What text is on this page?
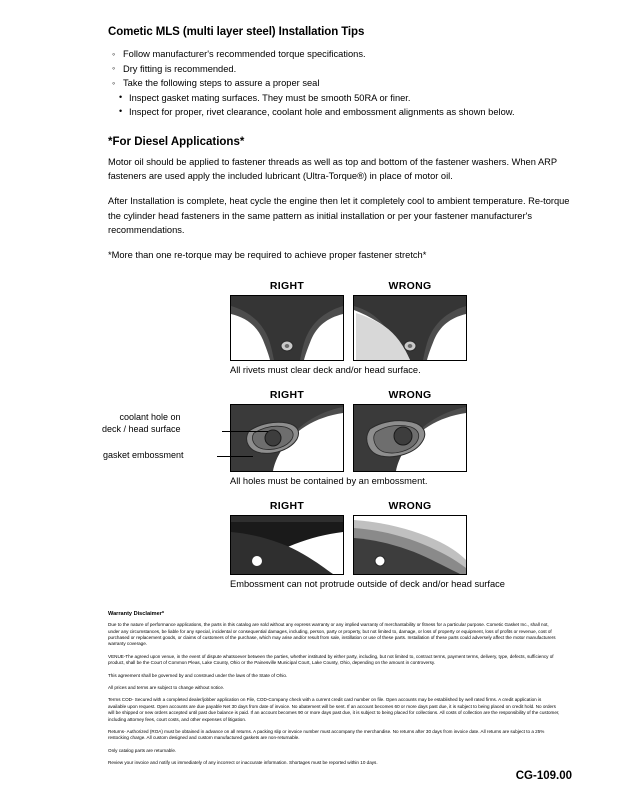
Cometic MLS (multi layer steel) Installation Tips
◦ Follow manufacturer's recommended torque specifications.
◦ Dry fitting is recommended.
◦ Take the following steps to assure a proper seal
• Inspect gasket mating surfaces. They must be smooth 50RA or finer.
• Inspect for proper, rivet clearance, coolant hole and embossment alignments as shown below.
*For Diesel Applications*

Motor oil should be applied to fastener threads as well as top and bottom of the fastener washers. When ARP fasteners are used apply the included lubricant (Ultra-Torque®) in place of motor oil.

After Installation is complete, heat cycle the engine then let it completely cool to ambient temperature. Re-torque the cylinder head fasteners in the same pattern as initial installation or per your fastener manufacturer's recommendations.

*More than one re-torque may be required to achieve proper fastener stretch*

RIGHT	WRONG
All rivets must clear deck and/or head surface.
RIGHT	WRONG
coolant hole on
deck / head surface
gasket embossment
All holes must be contained by an embossment.
RIGHT	WRONG
Embossment can not protrude outside of deck and/or head surface
Warranty Disclaimer*

Due to the nature of performance applications, the parts in this catalog are sold without any express warranty or any implied warranty of merchantability or fitness for a particular purpose. Cometic Gasket Inc., shall not, under any circumstances, be liable for any special, incidental or consequential damages, including, person, party or property, but not limited to, damage, or loss of property or equipment, loss of profits or revenue, cost of purchased or replacement goods, or claims of customers of the purchase, which may arise and/or result from sale, instillation or use of these parts. Installation of these parts could adversely affect the motor manufacturers warranty coverage.

VENUE-The agreed upon venue, in the event of dispute whatsoever between the parties, whether instituted by either party, including, but not limited to, contract terms, payment terms, delivery, type, defects, sufficiency of product, shall be the Court of Common Pleas, Lake County, Ohio or the Painesville Municipal Court, Lake County, Ohio, depending on the amount in controversy.

This agreement shall be governed by and construed under the laws of the State of Ohio.

All prices and terms are subject to change without notice.

Terms COD- Secured with a completed dealer/jobber application on File, COD-Company check with a current credit card number on file. Open accounts may be established by well rated firms. A credit application is available upon request. Open accounts are due payable Net 30 days from date of invoice. No abatement will be sent. If an account becomes 60 or more days past due, it is subject to being placed on credit hold. No orders will be shipped or new orders accepted until past due balance is paid. If an account becomes 90 or more days past due, it is subject to being placed for collections. All costs of collection are the responsibility of the customer, including attorney fees, court costs, and other expenses of litigation.

Returns- Authorized (ROA) must be obtained in advance on all returns. A packing slip or invoice number must accompany the merchandise. No returns after 30 days from invoice date. All returns are subject to a 25% restocking charge. All custom designed and custom manufactured gaskets are non-returnable.

Only catalog parts are returnable.

Review your invoice and notify us immediately of any incorrect or inaccurate information. Shortages must be reported within 10 days.

CG-109.00
